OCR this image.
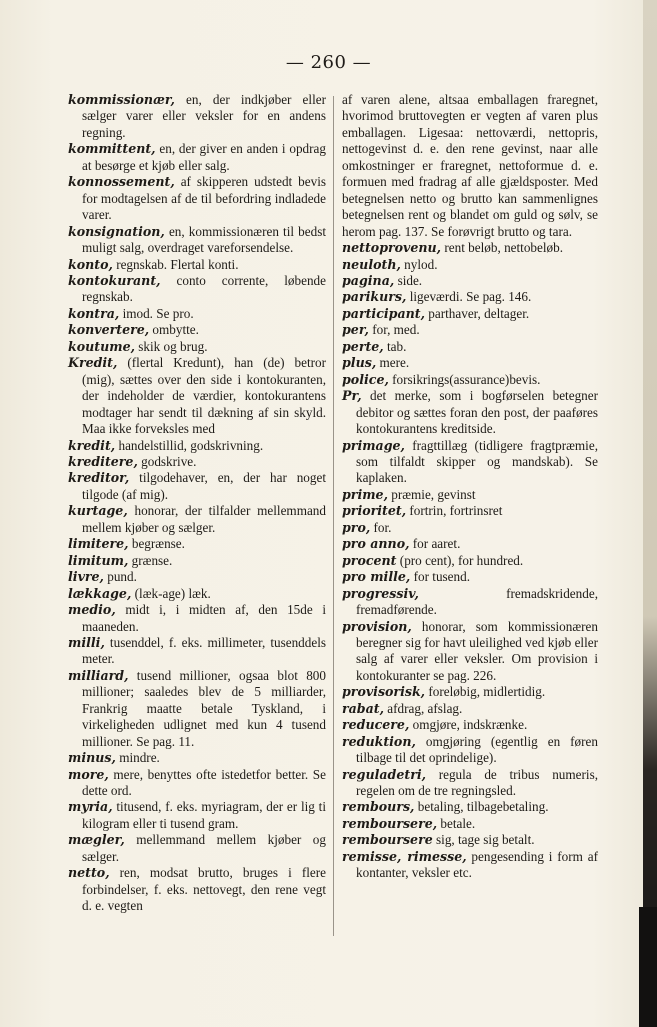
— 260 —

kommissionær, en, der indkjøber eller sælger varer eller veksler for en andens regning.

kommittent, en, der giver en anden i opdrag at besørge et kjøb eller salg.

konnossement, af skipperen udstedt bevis for modtagelsen af de til befordring indladede varer.

konsignation, en, kommissionæren til bedst muligt salg, overdraget vareforsendelse.

konto, regnskab. Flertal konti.

kontokurant, conto corrente, løbende regnskab.

kontra, imod. Se pro.

konvertere, ombytte.

koutume, skik og brug.

Kredit, (flertal Kredunt), han (de) betror (mig), sættes over den side i kontokuranten, der indeholder de værdier, kontokurantens modtager har sendt til dækning af sin skyld. Maa ikke forveksles med

kredit, handelstillid, godskrivning.

kreditere, godskrive.

kreditor, tilgodehaver, en, der har noget tilgode (af mig).

kurtage, honorar, der tilfalder mellemmand mellem kjøber og sælger.

limitere, begrænse.

limitum, grænse.

livre, pund.

lækkage, (læk-age) læk.

medio, midt i, i midten af, den 15de i maaneden.

milli, tusenddel, f. eks. millimeter, tusenddels meter.

milliard, tusend millioner, ogsaa blot 800 millioner; saaledes blev de 5 milliarder, Frankrig maatte betale Tyskland, i virkeligheden udlignet med kun 4 tusend millioner. Se pag. 11.

minus, mindre.

more, mere, benyttes ofte istedetfor better. Se dette ord.

myria, titusend, f. eks. myriagram, der er lig ti kilogram eller ti tusend gram.

mægler, mellemmand mellem kjøber og sælger.

netto, ren, modsat brutto, bruges i flere forbindelser, f. eks. nettovegt, den rene vegt d. e. vegten

af varen alene, altsaa emballagen fraregnet, hvorimod bruttovegten er vegten af varen plus emballagen. Ligesaa: nettoværdi, nettopris, nettogevinst d. e. den rene gevinst, naar alle omkostninger er fraregnet, nettoformue d. e. formuen med fradrag af alle gjældsposter. Med betegnelsen netto og brutto kan sammenlignes betegnelsen rent og blandet om guld og sølv, se herom pag. 137. Se forøvrigt brutto og tara.

nettoprovenu, rent beløb, nettobeløb.

neuloth, nylod.

pagina, side.

parikurs, ligeværdi. Se pag. 146.

participant, parthaver, deltager.

per, for, med.

perte, tab.

plus, mere.

police, forsikrings(assurance)bevis.

Pr, det merke, som i bogførselen betegner debitor og sættes foran den post, der paaføres kontokurantens kreditside.

primage, fragttillæg (tidligere fragtpræmie, som tilfaldt skipper og mandskab). Se kaplaken.

prime, præmie, gevinst

prioritet, fortrin, fortrinsret

pro, for.

pro anno, for aaret.

procent (pro cent), for hundred.

pro mille, for tusend.

progressiv, fremadskridende, fremadførende.

provision, honorar, som kommissionæren beregner sig for havt uleilighed ved kjøb eller salg af varer eller veksler. Om provision i kontokuranter se pag. 226.

provisorisk, foreløbig, midlertidig.

rabat, afdrag, afslag.

reducere, omgjøre, indskrænke.

reduktion, omgjøring (egentlig en føren tilbage til det oprindelige).

reguladetri, regula de tribus numeris, regelen om de tre regningsled.

rembours, betaling, tilbagebetaling.

remboursere, betale.

remboursere sig, tage sig betalt.

remisse, rimesse, pengesending i form af kontanter, veksler etc.
